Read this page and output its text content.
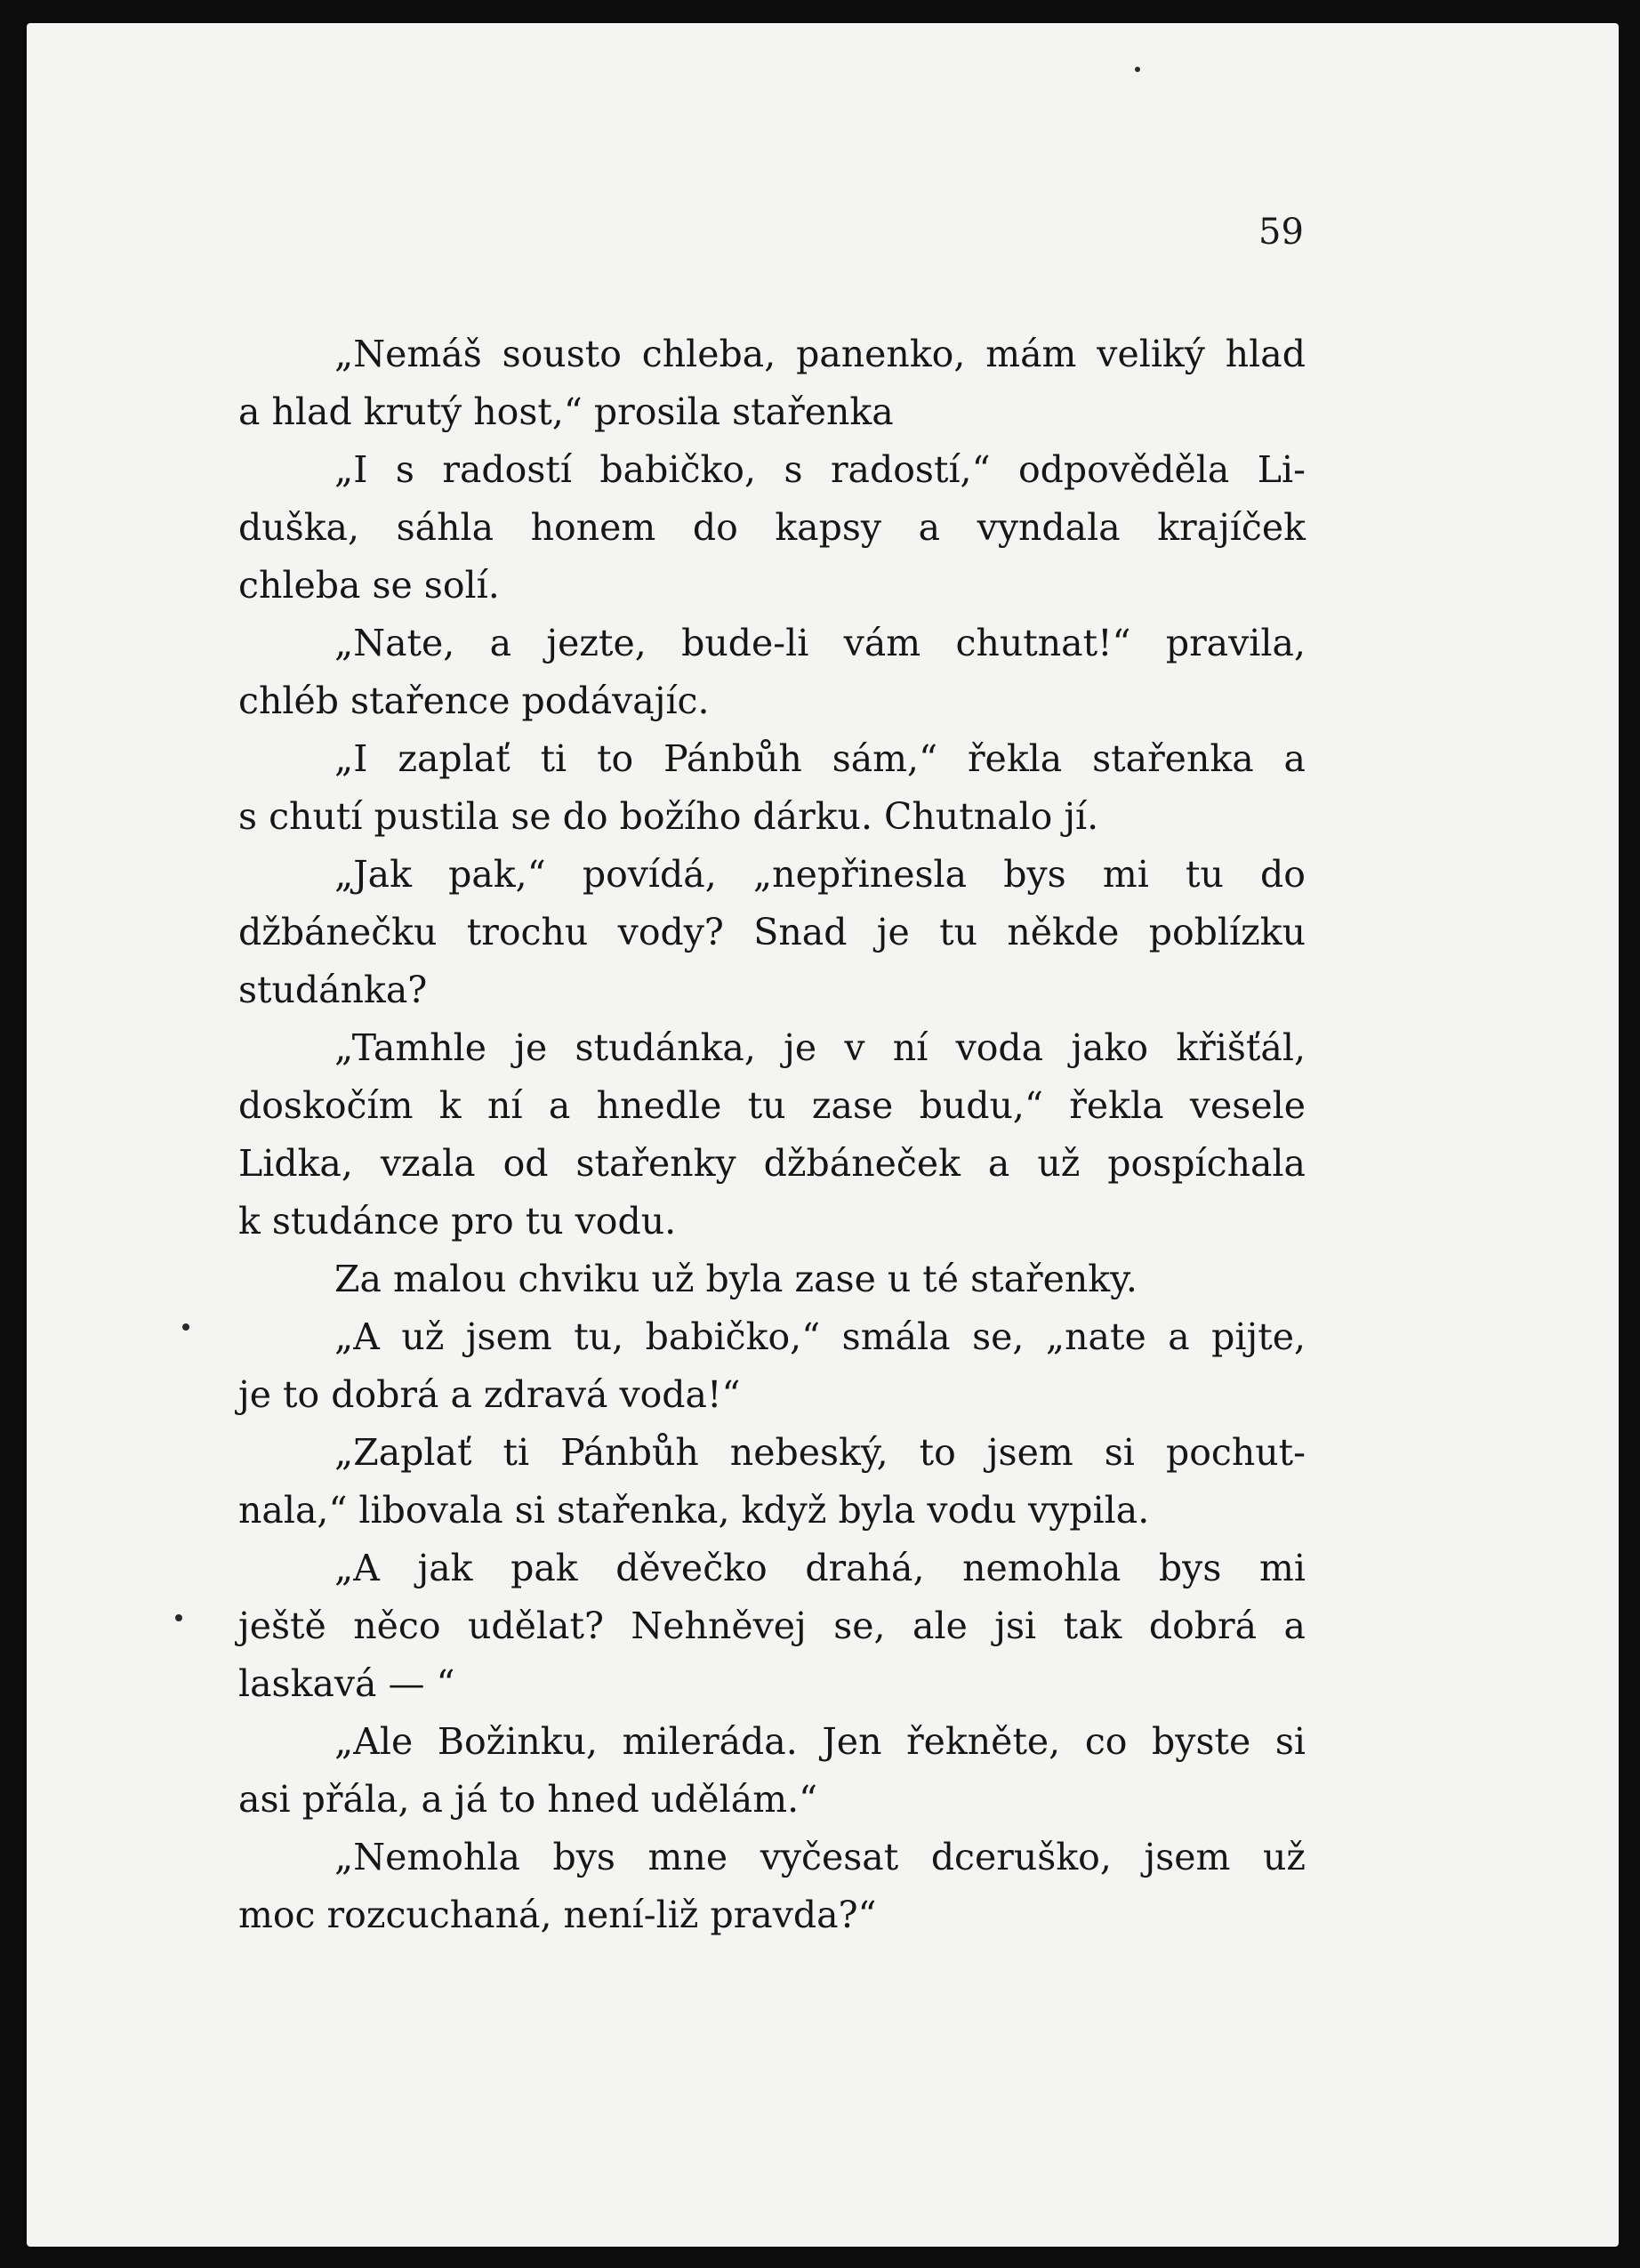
59
„Nemáš sousto chleba, panenko, mám veliký hlad
a hlad krutý host,“ prosila stařenka
„I s radostí babičko, s radostí,“ odpověděla Li-
duška, sáhla honem do kapsy a vyndala krajíček
chleba se solí.
„Nate, a jezte, bude-li vám chutnat!“ pravila,
chléb stařence podávajíc.
„I zaplať ti to Pánbůh sám,“ řekla stařenka a
s chutí pustila se do božího dárku. Chutnalo jí.
„Jak pak,“ povídá, „nepřinesla bys mi tu do
džbánečku trochu vody? Snad je tu někde poblízku
studánka?
„Tamhle je studánka, je v ní voda jako křišťál,
doskočím k ní a hnedle tu zase budu,“ řekla vesele
Lidka, vzala od stařenky džbáneček a už pospíchala
k studánce pro tu vodu.
Za malou chviku už byla zase u té stařenky.
„A už jsem tu, babičko,“ smála se, „nate a pijte,
je to dobrá a zdravá voda!“
„Zaplať ti Pánbůh nebeský, to jsem si pochut-
nala,“ libovala si stařenka, když byla vodu vypila.
„A jak pak děvečko drahá, nemohla bys mi
ještě něco udělat? Nehněvej se, ale jsi tak dobrá a
laskavá — “
„Ale Božinku, mileráda. Jen řekněte, co byste si
asi přála, a já to hned udělám.“
„Nemohla bys mne vyčesat dceruško, jsem už
moc rozcuchaná, není-liž pravda?“
